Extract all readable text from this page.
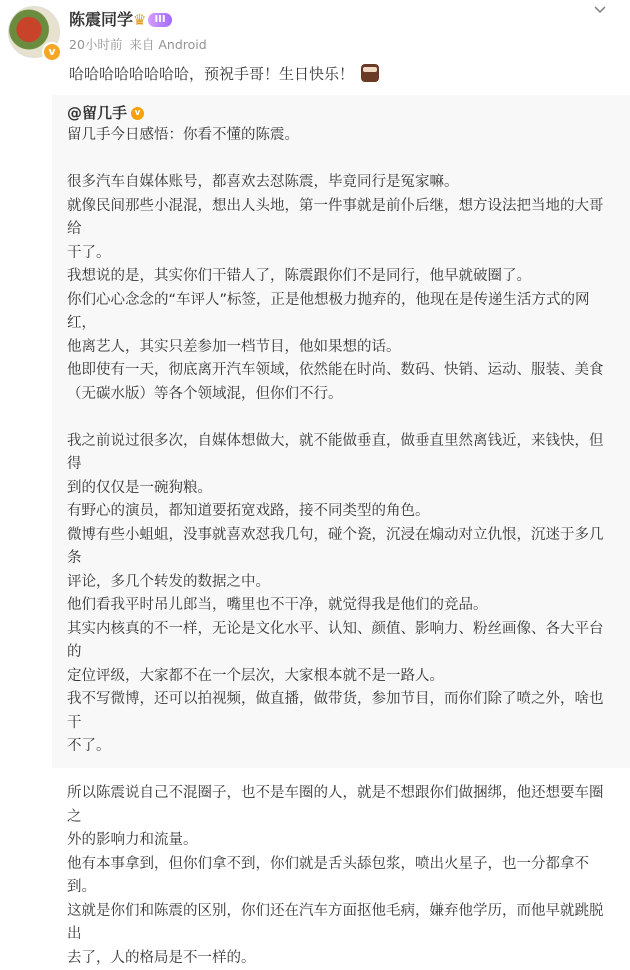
v
陈震同学 ♛ III
20小时前 来自 Android
哈哈哈哈哈哈哈哈，预祝手哥！生日快乐！
@留几手 v

留几手今日感悟：你看不懂的陈震。

很多汽车自媒体账号，都喜欢去怼陈震，毕竟同行是冤家嘛。

就像民间那些小混混，想出人头地，第一件事就是前仆后继，想方设法把当地的大哥给

干了。

我想说的是，其实你们干错人了，陈震跟你们不是同行，他早就破圈了。

你们心心念念的“车评人”标签，正是他想极力抛弃的，他现在是传递生活方式的网红，

他离艺人，其实只差参加一档节目，他如果想的话。

他即使有一天，彻底离开汽车领域，依然能在时尚、数码、快销、运动、服装、美食

（无碳水版）等各个领域混，但你们不行。

我之前说过很多次，自媒体想做大，就不能做垂直，做垂直里然离钱近，来钱快，但得

到的仅仅是一碗狗粮。

有野心的演员，都知道要拓宽戏路，接不同类型的角色。

微博有些小蛆蛆，没事就喜欢怼我几句，碰个瓷，沉浸在煽动对立仇恨，沉迷于多几条

评论，多几个转发的数据之中。

他们看我平时吊儿郎当，嘴里也不干净，就觉得我是他们的竞品。

其实内核真的不一样，无论是文化水平、认知、颜值、影响力、粉丝画像、各大平台的

定位评级，大家都不在一个层次，大家根本就不是一路人。

我不写微博，还可以拍视频，做直播，做带货，参加节目，而你们除了喷之外，啥也干

不了。

所以陈震说自己不混圈子，也不是车圈的人，就是不想跟你们做捆绑，他还想要车圈之

外的影响力和流量。

他有本事拿到，但你们拿不到，你们就是舌头舔包浆，喷出火星子，也一分都拿不到。

这就是你们和陈震的区别，你们还在汽车方面抠他毛病，嫌弃他学历，而他早就跳脱出

去了，人的格局是不一样的。
